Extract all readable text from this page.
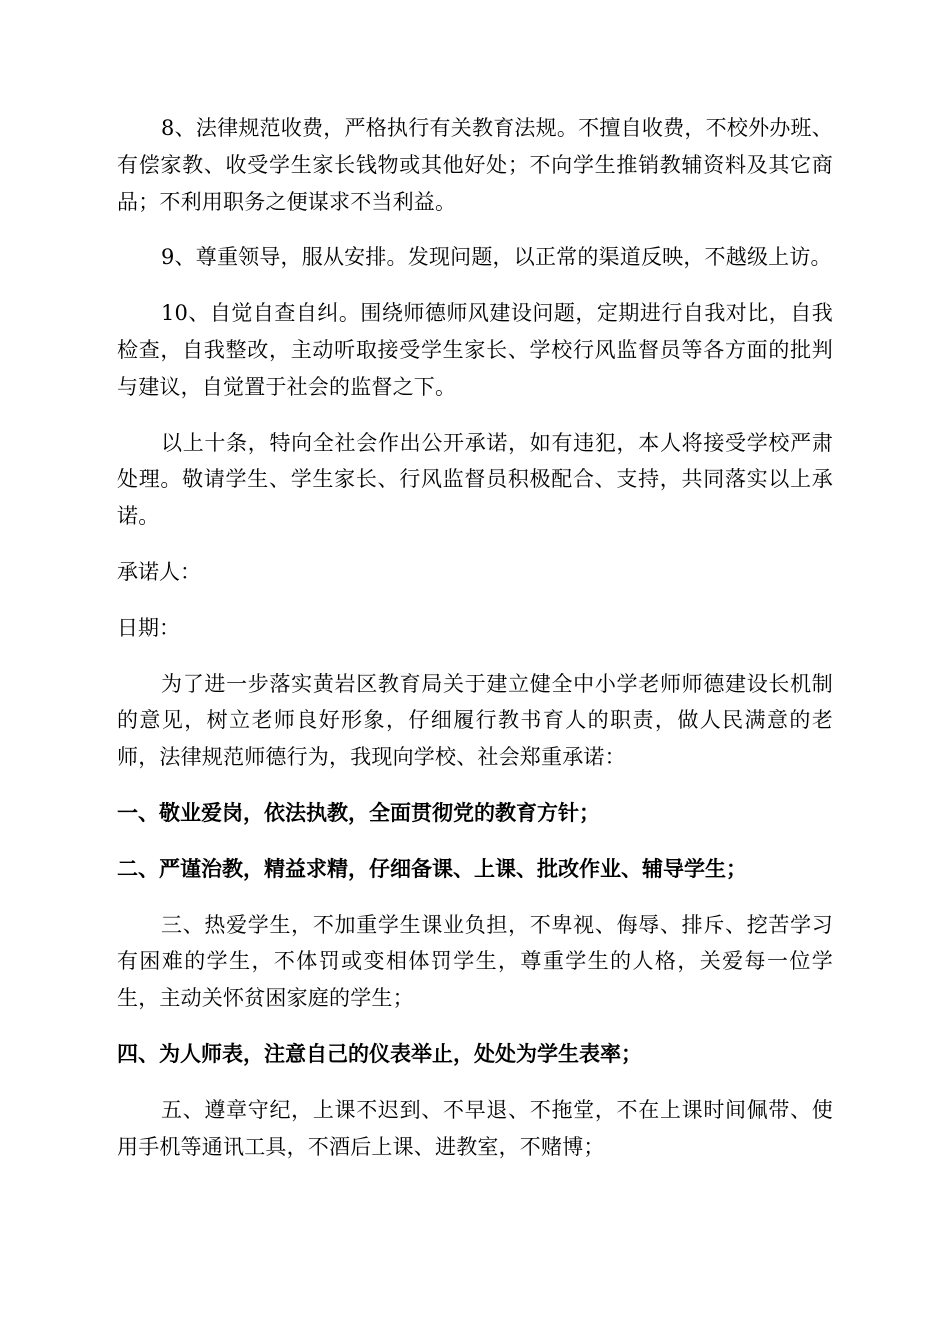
8、法律规范收费，严格执行有关教育法规。不擅自收费，不校外办班、有偿家教、收受学生家长钱物或其他好处；不向学生推销教辅资料及其它商品；不利用职务之便谋求不当利益。

9、尊重领导，服从安排。发现问题，以正常的渠道反映，不越级上访。

10、自觉自查自纠。围绕师德师风建设问题，定期进行自我对比，自我检查，自我整改，主动听取接受学生家长、学校行风监督员等各方面的批判与建议，自觉置于社会的监督之下。

以上十条，特向全社会作出公开承诺，如有违犯，本人将接受学校严肃处理。敬请学生、学生家长、行风监督员积极配合、支持，共同落实以上承诺。

承诺人：

日期：

为了进一步落实黄岩区教育局关于建立健全中小学老师师德建设长机制的意见，树立老师良好形象，仔细履行教书育人的职责，做人民满意的老师，法律规范师德行为，我现向学校、社会郑重承诺：

一、敬业爱岗，依法执教，全面贯彻党的教育方针；

二、严谨治教，精益求精，仔细备课、上课、批改作业、辅导学生；

三、热爱学生，不加重学生课业负担，不卑视、侮辱、排斥、挖苦学习有困难的学生，不体罚或变相体罚学生，尊重学生的人格，关爱每一位学生，主动关怀贫困家庭的学生；

四、为人师表，注意自己的仪表举止，处处为学生表率；

五、遵章守纪，上课不迟到、不早退、不拖堂，不在上课时间佩带、使用手机等通讯工具，不酒后上课、进教室，不赌博；
